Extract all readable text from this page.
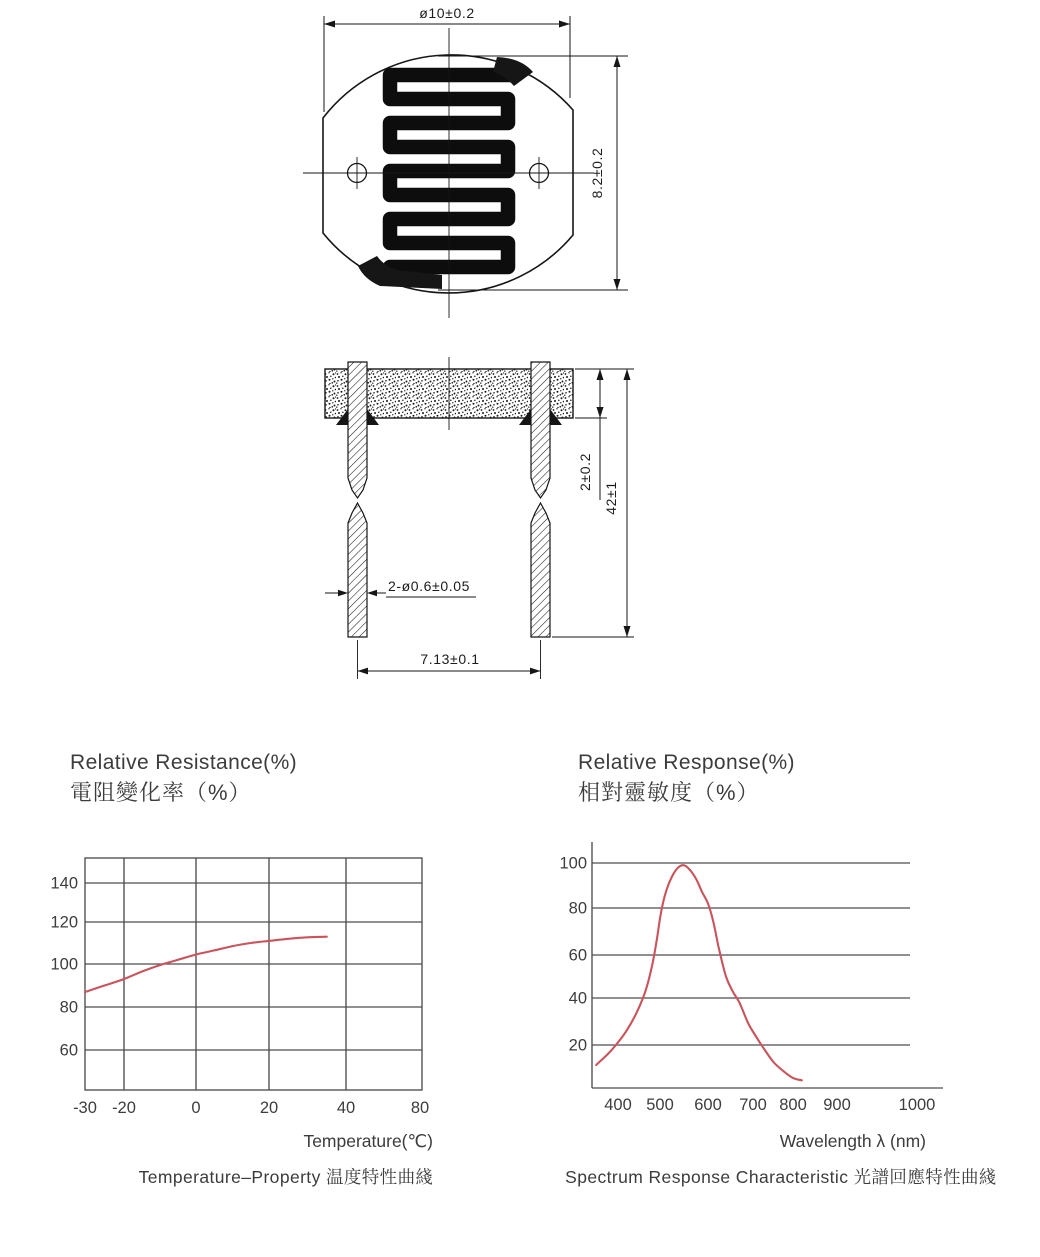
ø10±0.2
8.2±0.2
2±0.2
42±1
2-ø0.6±0.05
7.13±0.1
Relative Resistance(%)
電阻變化率（%）
-30 -20	0	20	40	80
140
120
100
80
60
Temperature(℃)
Temperature–Property 温度特性曲綫
Relative Response(%)
相對靈敏度（%）
400 500 600 700 800 900	1000
100
80
60
40
20
Wavelength λ (nm)
Spectrum Response Characteristic 光譜回應特性曲綫
